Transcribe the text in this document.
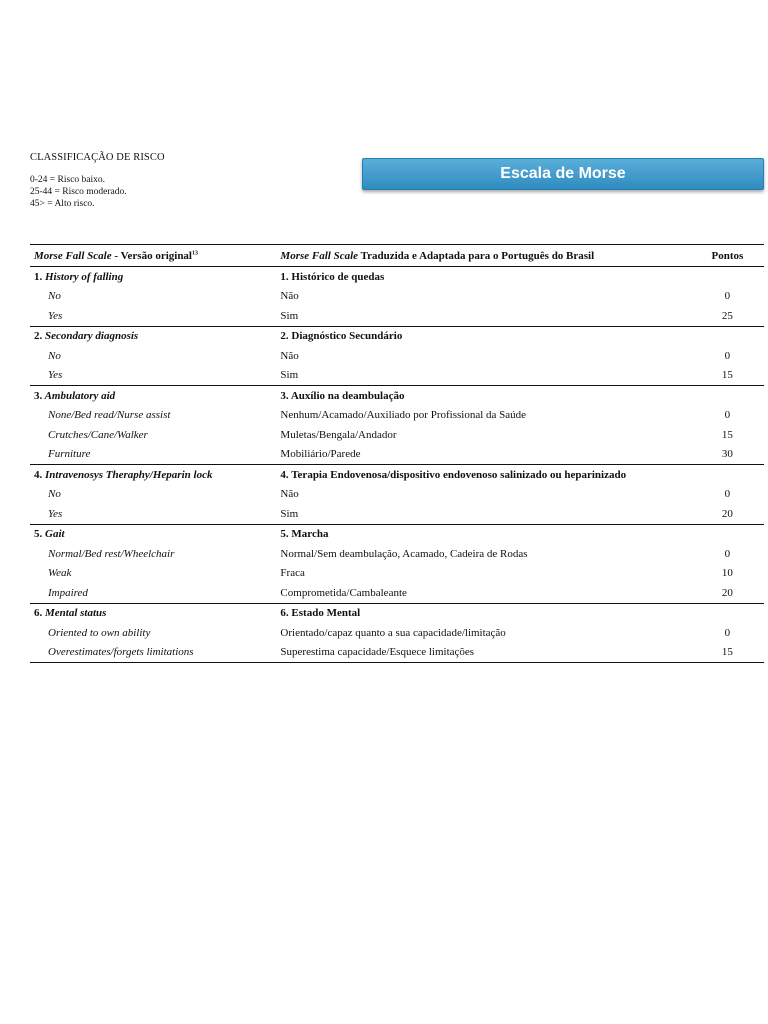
CLASSIFICAÇÃO DE RISCO
0-24 = Risco baixo.
25-44 = Risco moderado.
45> = Alto risco.
Escala de Morse
Morse Fall Scale - Versão original$^{13}$	Morse Fall Scale Traduzida e Adaptada para o Português do Brasil	Pontos
1. History of falling	1. Histórico de quedas	
No	Não	0
Yes	Sim	25
2. Secondary diagnosis	2. Diagnóstico Secundário	
No	Não	0
Yes	Sim	15
3. Ambulatory aid	3. Auxílio na deambulação	
None/Bed read/Nurse assist	Nenhum/Acamado/Auxiliado por Profissional da Saúde	0
Crutches/Cane/Walker	Muletas/Bengala/Andador	15
Furniture	Mobiliário/Parede	30
4. Intravenosys Theraphy/Heparin lock	4. Terapia Endovenosa/dispositivo endovenoso salinizado ou heparinizado	
No	Não	0
Yes	Sim	20
5. Gait	5. Marcha	
Normal/Bed rest/Wheelchair	Normal/Sem deambulação, Acamado, Cadeira de Rodas	0
Weak	Fraca	10
Impaired	Comprometida/Cambaleante	20
6. Mental status	6. Estado Mental	
Oriented to own ability	Orientado/capaz quanto a sua capacidade/limitação	0
Overestimates/forgets limitations	Superestima capacidade/Esquece limitações	15
